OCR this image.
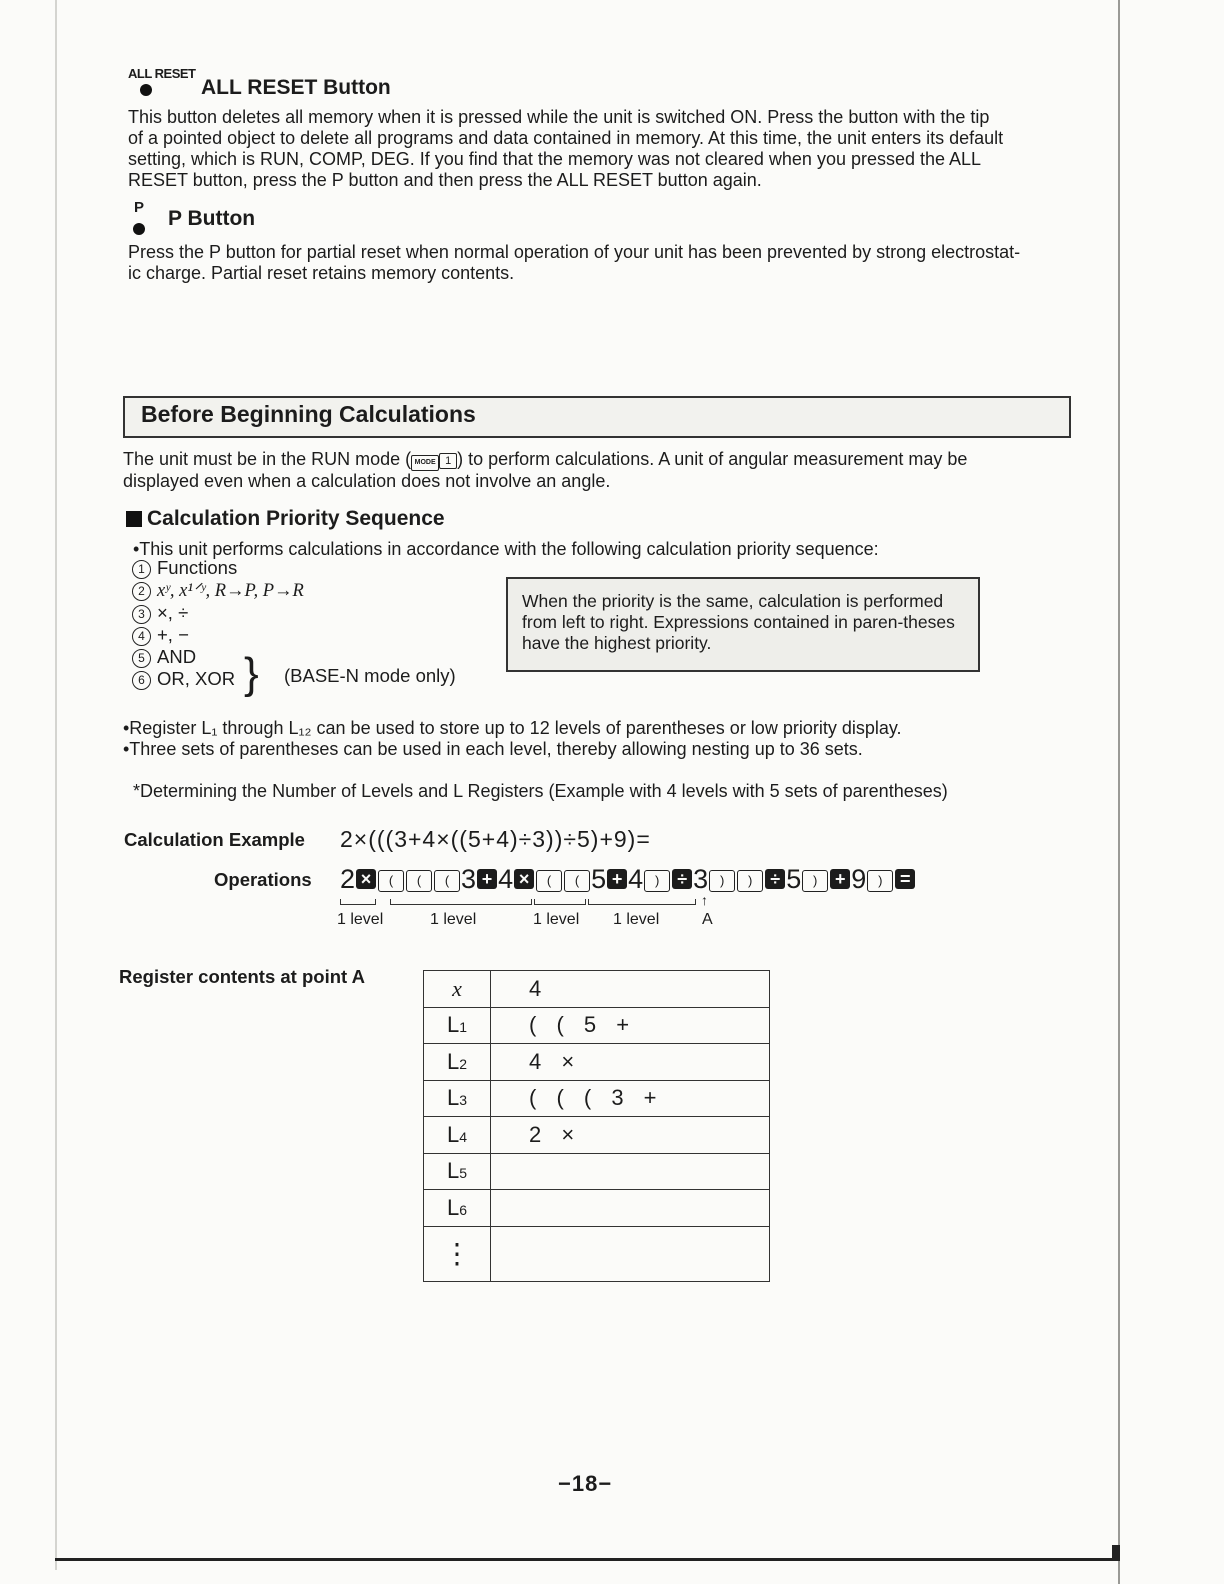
ALL RESET
ALL RESET Button
This button deletes all memory when it is pressed while the unit is switched ON. Press the button with the tip
of a pointed object to delete all programs and data contained in memory. At this time, the unit enters its default
setting, which is RUN, COMP, DEG. If you find that the memory was not cleared when you pressed the ALL
RESET button, press the P button and then press the ALL RESET button again.
P P Button
Press the P button for partial reset when normal operation of your unit has been prevented by strong electrostat-
ic charge. Partial reset retains memory contents.
Before Beginning Calculations
The unit must be in the RUN mode ( MODE 1 ) to perform calculations. A unit of angular measurement may be
displayed even when a calculation does not involve an angle.
Calculation Priority Sequence
•This unit performs calculations in accordance with the following calculation priority sequence:
1 Functions
2 xʸ, x¹ᐟʸ, R→P, P→R
3 ×, ÷
4 +, −
5 AND
6 OR, XOR } (BASE-N mode only)
When the priority is the same, calculation is performed from left to right. Expressions contained in paren-theses have the highest priority.
•Register L₁ through L₁₂ can be used to store up to 12 levels of parentheses or low priority display.
•Three sets of parentheses can be used in each level, thereby allowing nesting up to 36 sets.
*Determining the Number of Levels and L Registers (Example with 4 levels with 5 sets of parentheses)
Calculation Example 2×(((3+4×((5+4)÷3))÷5)+9)=
Operations 2 × ( ( ( 3 + 4 × ( ( 5 + 4 ) ÷ 3 ) ) ÷ 5 ) + 9 ) =
↑
1 level	1 level	1 level 1 level	A
Register contents at point A	x	4
L1	( ( 5 +
L2	4 ×
L3	( ( ( 3 +
L4	2 ×
L5	
L6	
⋮	
−18−
